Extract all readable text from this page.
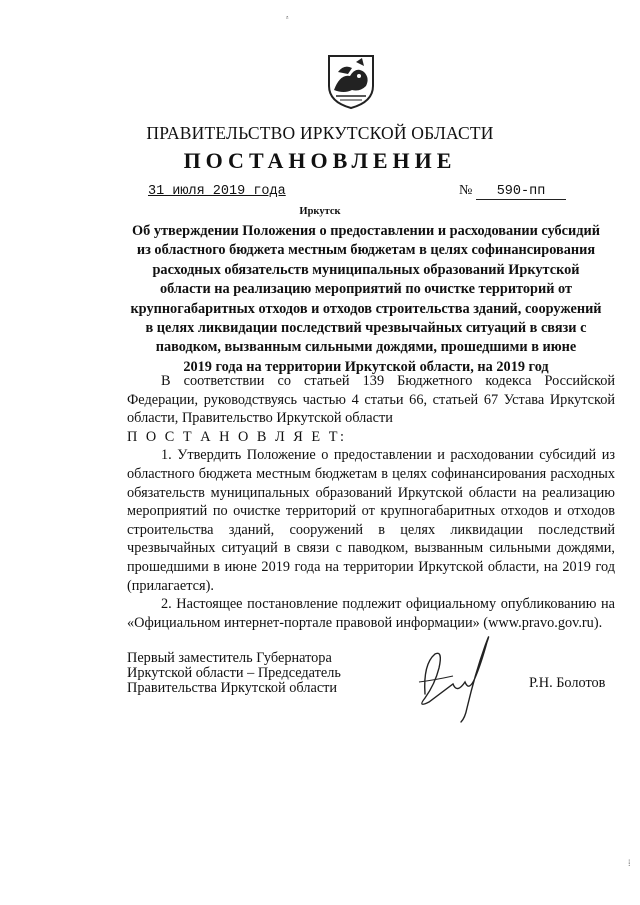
ᶻ
ПРАВИТЕЛЬСТВО ИРКУТСКОЙ ОБЛАСТИ
ПОСТАНОВЛЕНИЕ
31 июля 2019 года	№	590-пп
Иркутск
Об утверждении Положения о предоставлении и расходовании субсидий
из областного бюджета местным бюджетам в целях софинансирования
расходных обязательств муниципальных образований Иркутской
области на реализацию мероприятий по очистке территорий от
крупногабаритных отходов и отходов строительства зданий, сооружений
в целях ликвидации последствий чрезвычайных ситуаций в связи с
паводком, вызванным сильными дождями, прошедшими в июне
2019 года на территории Иркутской области, на 2019 год

В соответствии со статьей 139 Бюджетного кодекса Российской Федерации, руководствуясь частью 4 статьи 66, статьей 67 Устава Иркутской области, Правительство Иркутской области

П О С Т А Н О В Л Я Е Т:

1. Утвердить Положение о предоставлении и расходовании субсидий из областного бюджета местным бюджетам в целях софинансирования расходных обязательств муниципальных образований Иркутской области на реализацию мероприятий по очистке территорий от крупногабаритных отходов и отходов строительства зданий, сооружений в целях ликвидации последствий чрезвычайных ситуаций в связи с паводком, вызванным сильными дождями, прошедшими в июне 2019 года на территории Иркутской области, на 2019 год (прилагается).

2. Настоящее постановление подлежит официальному опубликованию на «Официальном интернет-портале правовой информации» (www.pravo.gov.ru).

Первый заместитель Губернатора
Иркутской области – Председатель
Правительства Иркутской области	Р.Н. Болотов
⁞
